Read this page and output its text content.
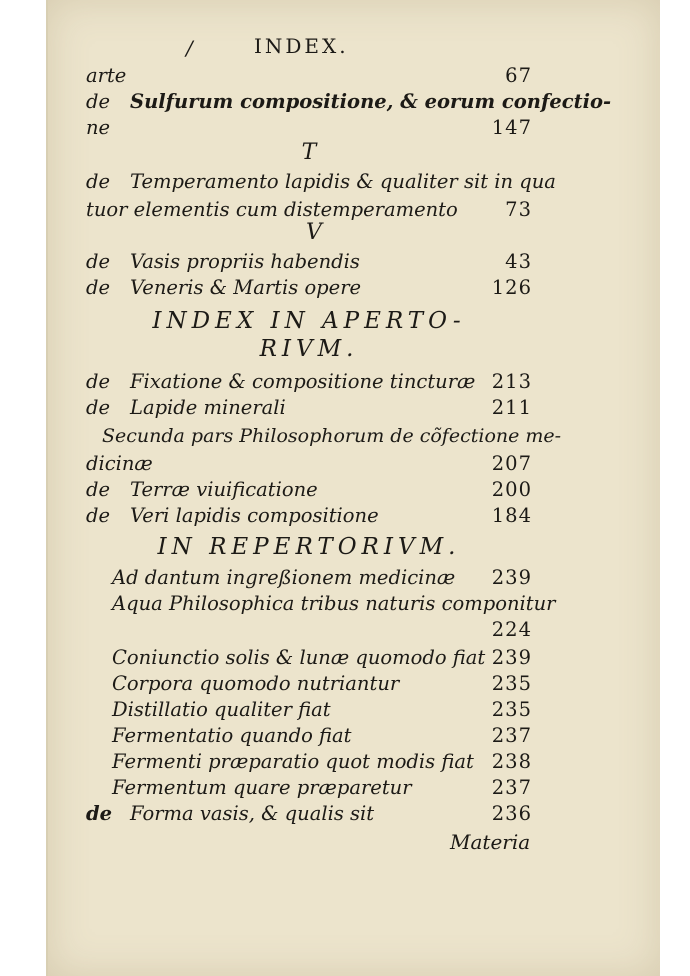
/	INDEX.
arte	67
de Sulfurum compositione, & eorum confectio-
ne	147
T
de Temperamento lapidis & qualiter sit in qua
tuor elementis cum distemperamento 73
V
de Vasis propriis habendis	43
de Veneris & Martis opere	126
INDEX IN APERTO-
RIVM.
de Fixatione & compositione tincturæ 213
de Lapide minerali	211
Secunda pars Philosophorum de cõfectione me-
dicinæ	207
de Terræ viuificatione	200
de Veri lapidis compositione	184
IN REPERTORIVM.
Ad dantum ingreßionem medicinæ 239
Aqua Philosophica tribus naturis componitur
224
Coniunctio solis & lunæ quomodo fiat 239
Corpora quomodo nutriantur	235
Distillatio qualiter fiat	235
Fermentatio quando fiat	237
Fermenti præparatio quot modis fiat 238
Fermentum quare præparetur	237
de Forma vasis, & qualis sit	236
Materia
